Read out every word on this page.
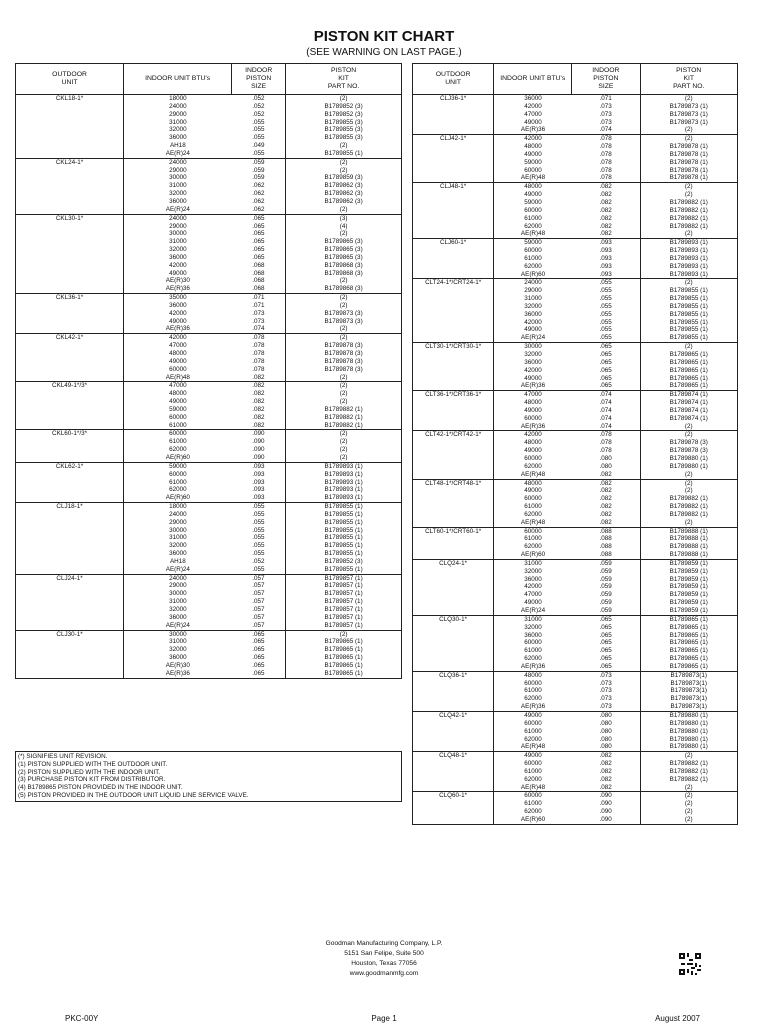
PISTON KIT CHART
(SEE WARNING ON LAST PAGE.)
OUTDOOR
UNIT	INDOOR UNIT BTU's	INDOOR
PISTON
SIZE	PISTON
KIT
PART NO.
CKL18-1*	18000	.052	(2)
	24000	.052	B1789852 (3)
	29000	.052	B1789852 (3)
	31000	.055	B1789855 (3)
	32000	.055	B1789855 (3)
	36000	.055	B1789855 (3)
	AH18	.049	(2)
	AE(R)24	.055	B1789855 (1)
CKL24-1*	24000	.059	(2)
	29000	.059	(2)
	30000	.059	B1789859 (3)
	31000	.062	B1789862 (3)
	32000	.062	B1789862 (3)
	36000	.062	B1789862 (3)
	AE(R)24	.062	(2)
CKL30-1*	24000	.065	(3)
	29000	.065	(4)
	30000	.065	(2)
	31000	.065	B1789865 (3)
	32000	.065	B1789865 (3)
	36000	.065	B1789865 (3)
	42000	.068	B1789868 (3)
	49000	.068	B1789868 (3)
	AE(R)30	.068	(2)
	AE(R)36	.068	B1789868 (3)
CKL36-1*	35000	.071	(2)
	36000	.071	(2)
	42000	.073	B1789873 (3)
	49000	.073	B1789873 (3)
	AE(R)36	.074	(2)
CKL42-1*	42000	.078	(2)
	47000	.078	B1789878 (3)
	48000	.078	B1789878 (3)
	49000	.078	B1789878 (3)
	60000	.078	B1789878 (3)
	AE(R)48	.082	(2)
CKL49-1*/3*	47000	.082	(2)
	48000	.082	(2)
	49000	.082	(2)
	59000	.082	B1789882 (1)
	60000	.082	B1789882 (1)
	61000	.082	B1789882 (1)
CKL60-1*/3*	60000	.090	(2)
	61000	.090	(2)
	62000	.090	(2)
	AE(R)60	.090	(2)
CKL62-1*	59000	.093	B1789893 (1)
	60000	.093	B1789893 (1)
	61000	.093	B1789893 (1)
	62000	.093	B1789893 (1)
	AE(R)60	.093	B1789893 (1)
CLJ18-1*	18000	.055	B1789855 (1)
	24000	.055	B1789855 (1)
	29000	.055	B1789855 (1)
	30000	.055	B1789855 (1)
	31000	.055	B1789855 (1)
	32000	.055	B1789855 (1)
	36000	.055	B1789855 (1)
	AH18	.052	B1789852 (3)
	AE(R)24	.055	B1789855 (1)
CLJ24-1*	24000	.057	B1789857 (1)
	29000	.057	B1789857 (1)
	30000	.057	B1789857 (1)
	31000	.057	B1789857 (1)
	32000	.057	B1789857 (1)
	36000	.057	B1789857 (1)
	AE(R)24	.057	B1789857 (1)
CLJ30-1*	30000	.065	(2)
	31000	.065	B1789865 (1)
	32000	.065	B1789865 (1)
	36000	.065	B1789865 (1)
	AE(R)30	.065	B1789865 (1)
	AE(R)36	.065	B1789865 (1)
OUTDOOR
UNIT	INDOOR UNIT BTU's	INDOOR
PISTON
SIZE	PISTON
KIT
PART NO.
CLJ36-1*	36000	.071	(2)
	42000	.073	B1789873 (1)
	47000	.073	B1789873 (1)
	49000	.073	B1789873 (1)
	AE(R)36	.074	(2)
CLJ42-1*	42000	.078	(2)
	48000	.078	B1789878 (1)
	49000	.078	B1789878 (1)
	59000	.078	B1789878 (1)
	60000	.078	B1789878 (1)
	AE(R)48	.078	B1789878 (1)
CLJ48-1*	48000	.082	(2)
	49000	.082	(2)
	59000	.082	B1789882 (1)
	60000	.082	B1789882 (1)
	61000	.082	B1789882 (1)
	62000	.082	B1789882 (1)
	AE(R)48	.082	(2)
CLJ60-1*	59000	.093	B1789893 (1)
	60000	.093	B1789893 (1)
	61000	.093	B1789893 (1)
	62000	.093	B1789893 (1)
	AE(R)60	.093	B1789893 (1)
CLT24-1*/CRT24-1*	24000	.055	(2)
	29000	.055	B1789855 (1)
	31000	.055	B1789855 (1)
	32000	.055	B1789855 (1)
	36000	.055	B1789855 (1)
	42000	.055	B1789855 (1)
	49000	.055	B1789855 (1)
	AE(R)24	.055	B1789855 (1)
CLT30-1*/CRT30-1*	30000	.065	(2)
	32000	.065	B1789865 (1)
	36000	.065	B1789865 (1)
	42000	.065	B1789865 (1)
	49000	.065	B1789865 (1)
	AE(R)36	.065	B1789865 (1)
CLT36-1*/CRT36-1*	47000	.074	B1789874 (1)
	48000	.074	B1789874 (1)
	49000	.074	B1789874 (1)
	60000	.074	B1789874 (1)
	AE(R)36	.074	(2)
CLT42-1*/CRT42-1*	42000	.078	(2)
	48000	.078	B1789878 (3)
	49000	.078	B1789878 (3)
	60000	.080	B1789880 (1)
	62000	.080	B1789880 (1)
	AE(R)48	.082	(2)
CLT48-1*/CRT48-1*	48000	.082	(2)
	49000	.082	(2)
	60000	.082	B1789882 (1)
	61000	.082	B1789882 (1)
	62000	.082	B1789882 (1)
	AE(R)48	.082	(2)
CLT60-1*/CRT60-1*	60000	.088	B1789888 (1)
	61000	.088	B1789888 (1)
	62000	.088	B1789888 (1)
	AE(R)60	.088	B1789888 (1)
CLQ24-1*	31000	.059	B1789859 (1)
	32000	.059	B1789859 (1)
	36000	.059	B1789859 (1)
	42000	.059	B1789859 (1)
	47000	.059	B1789859 (1)
	49000	.059	B1789859 (1)
	AE(R)24	.059	B1789859 (1)
CLQ30-1*	31000	.065	B1789865 (1)
	32000	.065	B1789865 (1)
	36000	.065	B1789865 (1)
	60000	.065	B1789865 (1)
	61000	.065	B1789865 (1)
	62000	.065	B1789865 (1)
	AE(R)36	.065	B1789865 (1)
CLQ36-1*	48000	.073	B1789873(1)
	60000	.073	B1789873(1)
	61000	.073	B1789873(1)
	62000	.073	B1789873(1)
	AE(R)36	.073	B1789873(1)
CLQ42-1*	49000	.080	B1789880 (1)
	60000	.080	B1789880 (1)
	61000	.080	B1789880 (1)
	62000	.080	B1789880 (1)
	AE(R)48	.080	B1789880 (1)
CLQ48-1*	49000	.082	(2)
	60000	.082	B1789882 (1)
	61000	.082	B1789882 (1)
	62000	.082	B1789882 (1)
	AE(R)48	.082	(2)
CLQ60-1*	60000	.090	(2)
	61000	.090	(2)
	62000	.090	(2)
	AE(R)60	.090	(2)
(*) SIGNIFIES UNIT REVISION.
(1) PISTON SUPPLIED WITH THE OUTDOOR UNIT.
(2) PISTON SUPPLIED WITH THE INDOOR UNIT.
(3) PURCHASE PISTON KIT FROM DISTRIBUTOR.
(4) B1789865 PISTON PROVIDED IN THE INDOOR UNIT.
(5) PISTON PROVIDED IN THE OUTDOOR UNIT LIQUID LINE SERVICE VALVE.
Goodman Manufacturing Company, L.P.
5151 San Felipe, Suite 500
Houston, Texas 77056
www.goodmanmfg.com
PKC-00Y	Page 1	August 2007
